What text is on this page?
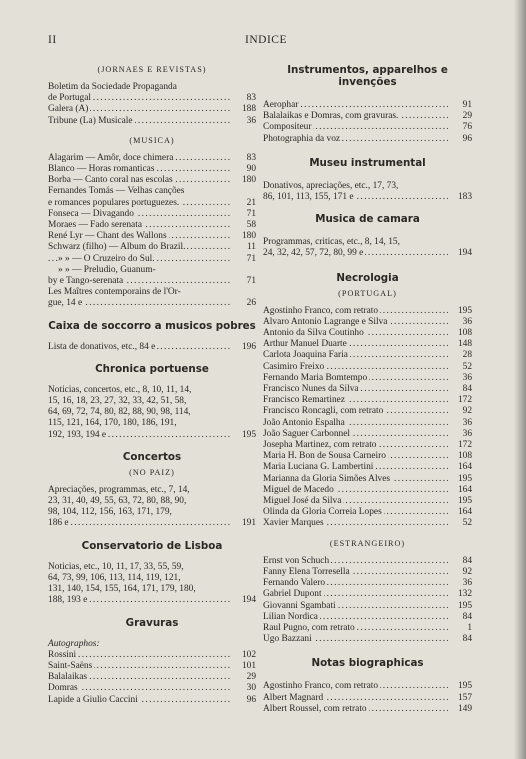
II	INDICE
(JORNAES E REVISTAS)
Boletim da Sociedade Propaganda
..... de Portugal	83
..... Galera (A)	188
..... Tribune (La) Musicale	36
(MUSICA)
..... Alagarim — Amôr, doce chimera	83
..... Blanco — Horas romanticas	90
..... Borba — Canto coral nas escolas	180
Fernandes Tomás — Velhas canções
..... e romances populares portuguezes.	21
..... Fonseca — Divagando	71
..... Moraes — Fado serenata	58
..... René Lyr — Chant des Wallons	180
..... Schwarz (filho) — Album do Brazil.	11
..... » » — O Cruzeiro do Sul.	71
» » — Preludio, Guanum-
..... by e Tango-serenata	71
Les Maîtres contemporains de l'Or-
..... gue, 14 e	26
Caixa de soccorro a musicos pobres
..... Lista de donativos, etc., 84 e	196
Chronica portuense
Noticias, concertos, etc., 8, 10, 11, 14,
15, 16, 18, 23, 27, 32, 33, 42, 51, 58,
64, 69, 72, 74, 80, 82, 88, 90, 98, 114,
115, 121, 164, 170, 180, 186, 191,
..... 192, 193, 194 e	195
Concertos
(NO PAIZ)
Apreciações, programmas, etc., 7, 14,
23, 31, 40, 49, 55, 63, 72, 80, 88, 90,
98, 104, 112, 156, 163, 171, 179,
..... 186 e	191
Conservatorio de Lisboa
Noticias, etc., 10, 11, 17, 33, 55, 59,
64, 73, 99, 106, 113, 114, 119, 121,
131, 140, 154, 155, 164, 171, 179, 180,
..... 188, 193 e	194
Gravuras
Autographos:
..... Rossini	102
..... Saint-Saëns	101
..... Balalaikas	29
..... Domras	30
..... Lapide a Giulio Caccini	96
Instrumentos, apparelhos e invenções
..... Aerophar	91
..... Balalaikas e Domras, com gravuras.	29
..... Compositeur	76
..... Photographia da voz	96
Museu instrumental
Donativos, apreciações, etc., 17, 73,
..... 86, 101, 113, 155, 171 e	183
Musica de camara
Programmas, criticas, etc., 8, 14, 15,
..... 24, 32, 42, 57, 72, 80, 99 e	194
Necrologia
(PORTUGAL)
..... Agostinho Franco, com retrato	195
..... Alvaro Antonio Lagrange e Silva	36
..... Antonio da Silva Coutinho	108
..... Arthur Manuel Duarte	148
..... Carlota Joaquina Faria	28
..... Casimiro Freixo	52
..... Fernando Maria Bomtempo	36
..... Francisco Nunes da Silva	84
..... Francisco Remartinez	172
..... Francisco Roncagli, com retrato	92
..... João Antonio Espalha	36
..... João Saguer Carbonnel	36
..... Josepha Martinez, com retrato	172
..... Maria H. Bon de Sousa Carneiro	108
..... Maria Luciana G. Lambertini	164
..... Marianna da Gloria Simões Alves	195
..... Miguel de Macedo	164
..... Miguel José da Silva	195
..... Olinda da Gloria Correia Lopes	164
..... Xavier Marques	52
(ESTRANGEIRO)
..... Ernst von Schuch	84
..... Fanny Elena Torresella	92
..... Fernando Valero	36
..... Gabriel Dupont	132
..... Giovanni Sgambati	195
..... Lilian Nordica	84
..... Raul Pugno, com retrato	1
..... Ugo Bazzani	84
Notas biographicas
..... Agostinho Franco, com retrato	195
..... Albert Magnard	157
..... Albert Roussel, com retrato	149
